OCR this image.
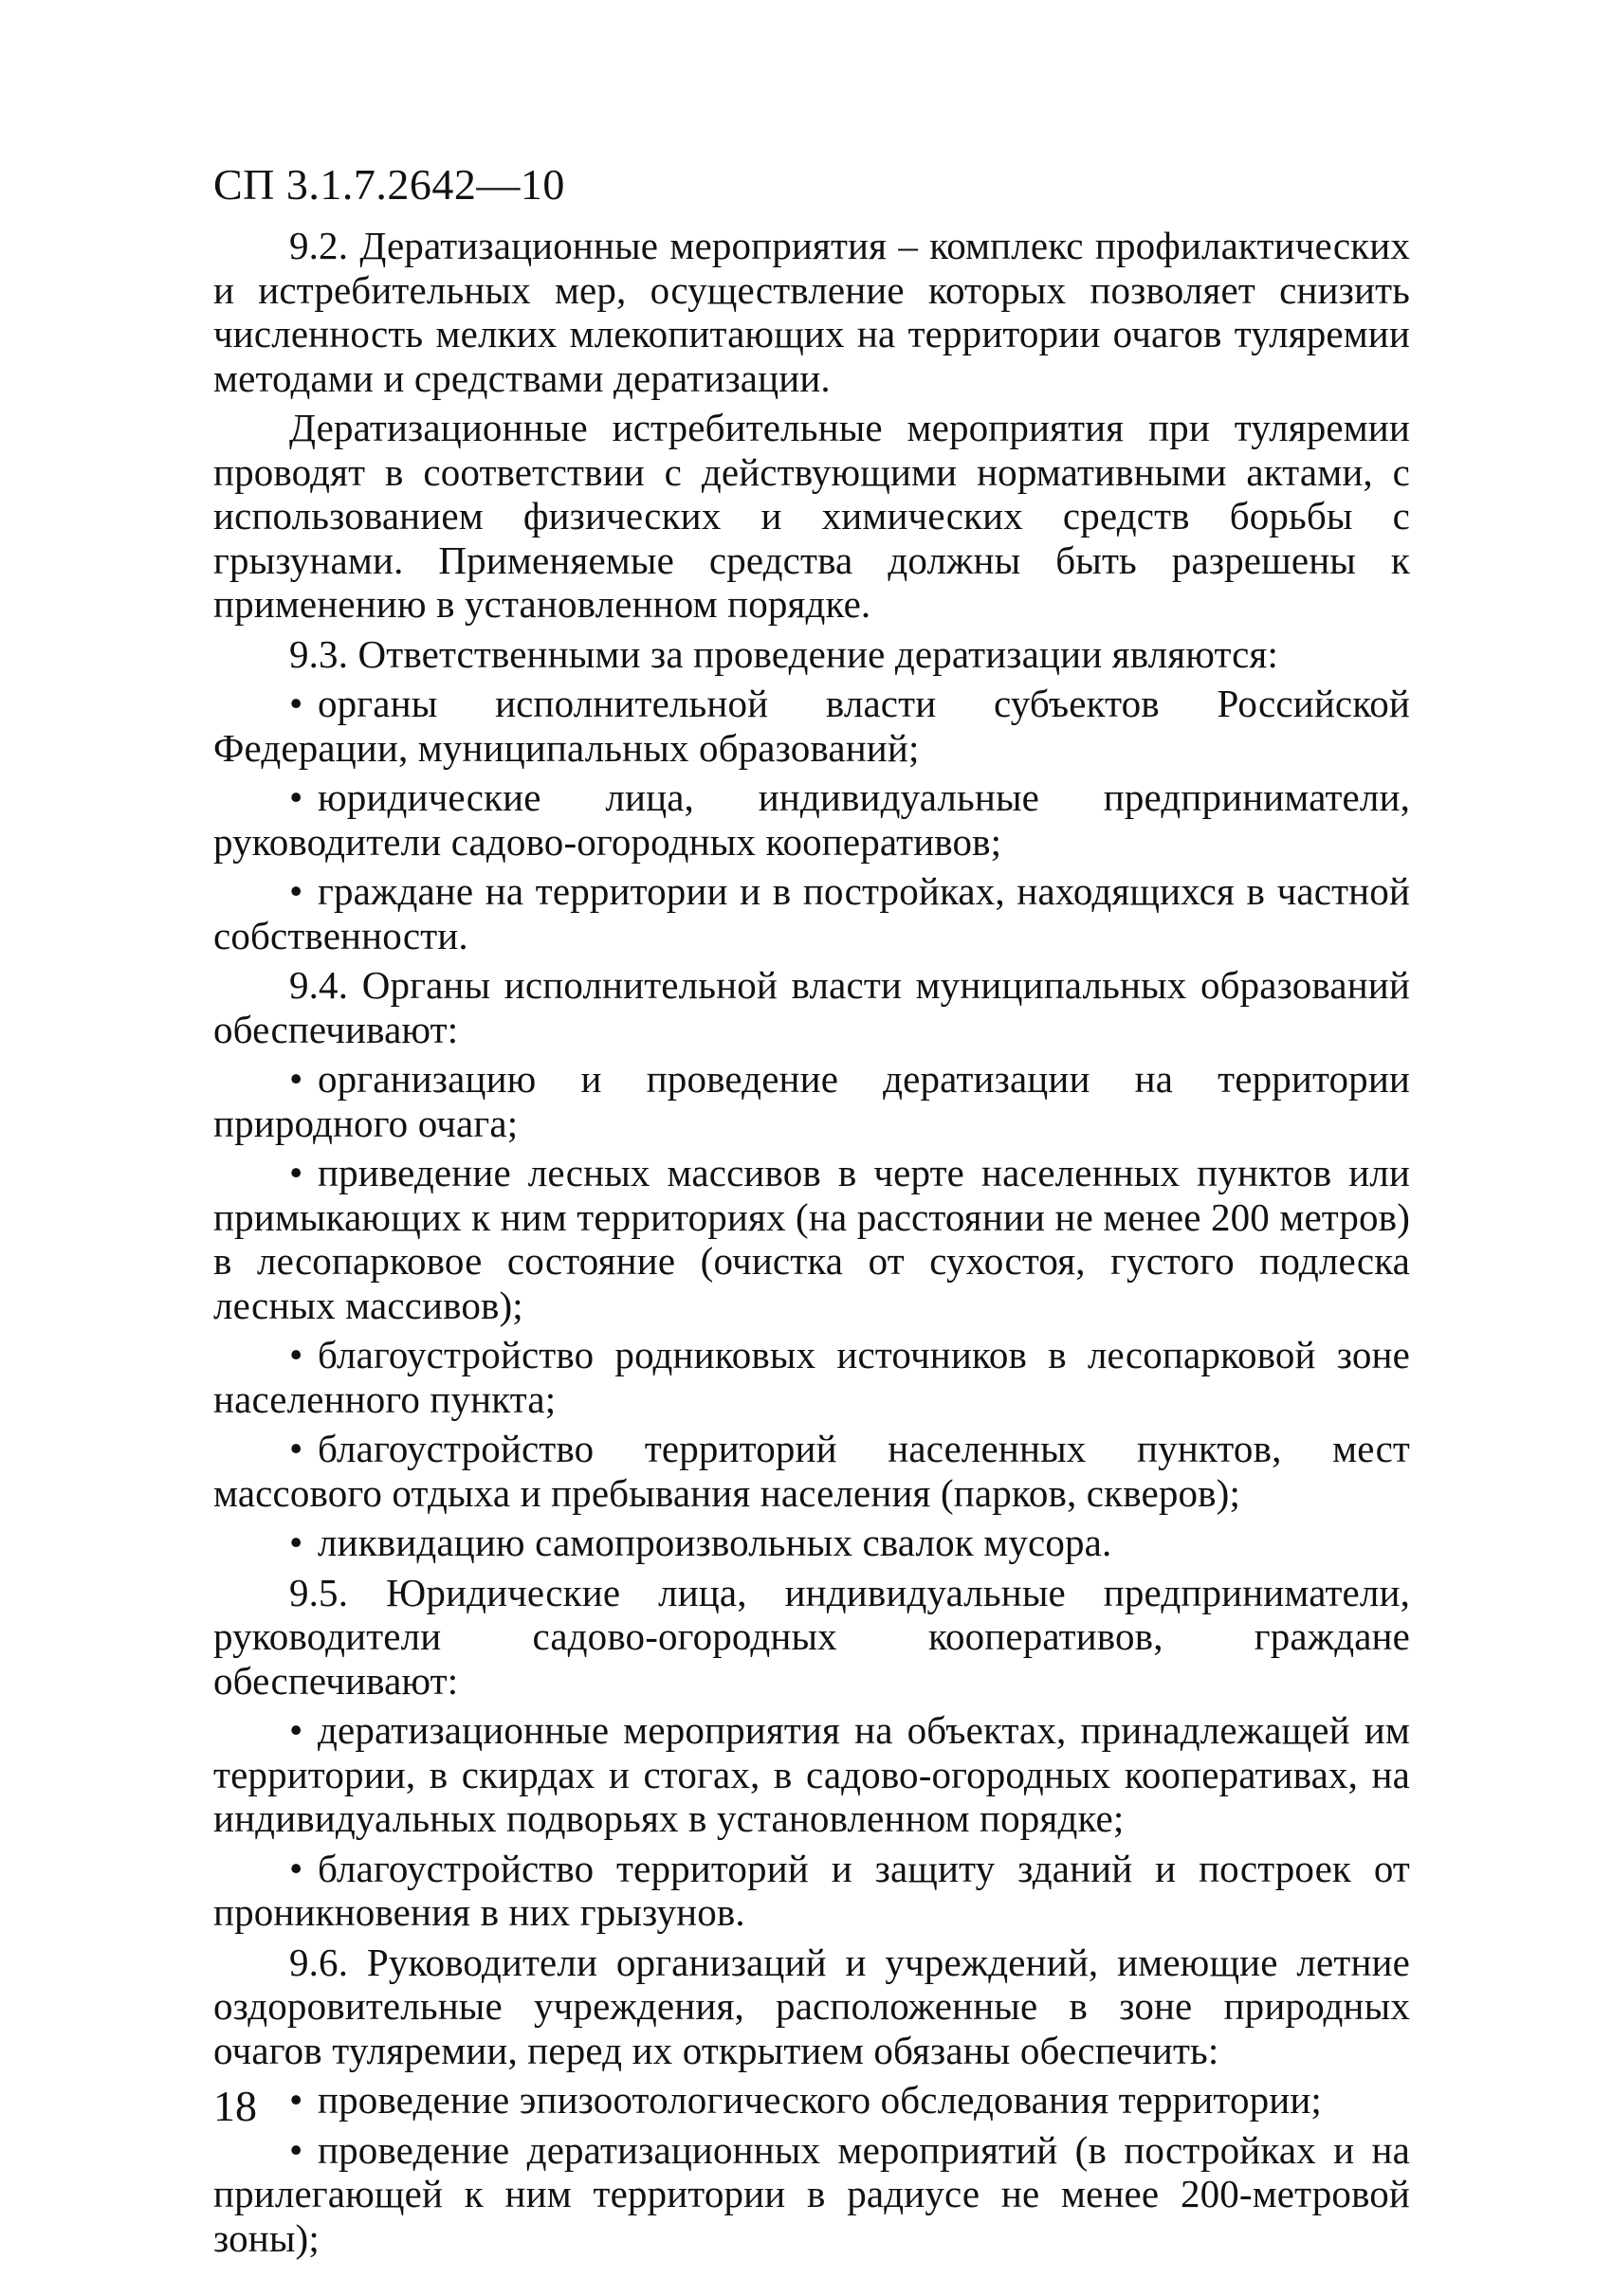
СП 3.1.7.2642—10

9.2. Дератизационные мероприятия – комплекс профилактических и истребительных мер, осуществление которых позволяет снизить численность мелких млекопитающих на территории очагов туляремии методами и средствами дератизации.

Дератизационные истребительные мероприятия при туляремии проводят в соответствии с действующими нормативными актами, с использованием физических и химических средств борьбы с грызунами. Применяемые средства должны быть разрешены к применению в установленном порядке.

9.3. Ответственными за проведение дератизации являются:

• органы исполнительной власти субъектов Российской Федерации, муниципальных образований;

• юридические лица, индивидуальные предприниматели, руководители садово-огородных кооперативов;

• граждане на территории и в постройках, находящихся в частной собственности.

9.4. Органы исполнительной власти муниципальных образований обеспечивают:

• организацию и проведение дератизации на территории природного очага;

• приведение лесных массивов в черте населенных пунктов или примыкающих к ним территориях (на расстоянии не менее 200 метров) в лесопарковое состояние (очистка от сухостоя, густого подлеска лесных массивов);

• благоустройство родниковых источников в лесопарковой зоне населенного пункта;

• благоустройство территорий населенных пунктов, мест массового отдыха и пребывания населения (парков, скверов);

• ликвидацию самопроизвольных свалок мусора.

9.5. Юридические лица, индивидуальные предприниматели, руководители садово-огородных кооперативов, граждане обеспечивают:

• дератизационные мероприятия на объектах, принадлежащей им территории, в скирдах и стогах, в садово-огородных кооперативах, на индивидуальных подворьях в установленном порядке;

• благоустройство территорий и защиту зданий и построек от проникновения в них грызунов.

9.6. Руководители организаций и учреждений, имеющие летние оздоровительные учреждения, расположенные в зоне природных очагов туляремии, перед их открытием обязаны обеспечить:

• проведение эпизоотологического обследования территории;

• проведение дератизационных мероприятий (в постройках и на прилегающей к ним территории в радиусе не менее 200-метровой зоны);

18
